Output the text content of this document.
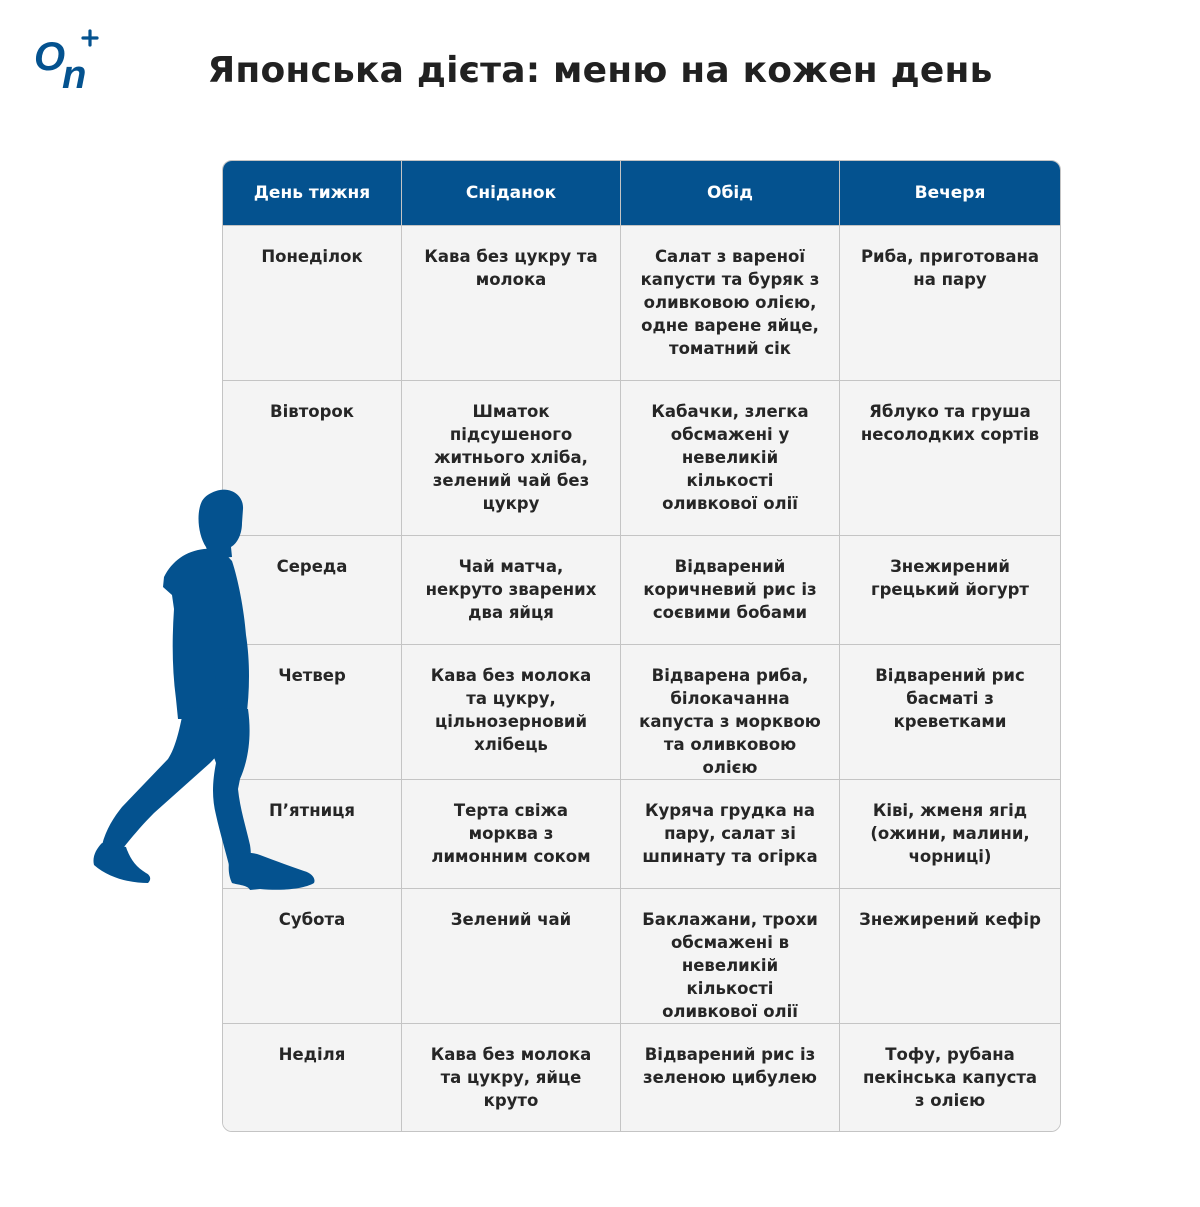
O
n	Японська дієта: меню на кожен день
День тижня	Сніданок	Обід	Вечеря
Понеділок	Кава без цукру та молока	Салат з вареної капусти та буряк з оливковою олією, одне варене яйце, томатний сік	Риба, приготована на пару
Вівторок	Шматок підсушеного житнього хліба, зелений чай без цукру	Кабачки, злегка обсмажені у невеликій кількості оливкової олії	Яблуко та груша несолодких сортів
Середа	Чай матча, некруто зварених два яйця	Відварений коричневий рис із соєвими бобами	Знежирений грецький йогурт
Четвер	Кава без молока та цукру, цільнозерновий хлібець	Відварена риба, білокачанна капуста з морквою та оливковою олією	Відварений рис басматі з креветками
П’ятниця	Терта свіжа морква з лимонним соком	Куряча грудка на пару, салат зі шпинату та огірка	Ківі, жменя ягід (ожини, малини, чорниці)
Субота	Зелений чай	Баклажани, трохи обсмажені в невеликій кількості оливкової олії	Знежирений кефір
Неділя	Кава без молока та цукру, яйце круто	Відварений рис із зеленою цибулею	Тофу, рубана пекінська капуста з олією
